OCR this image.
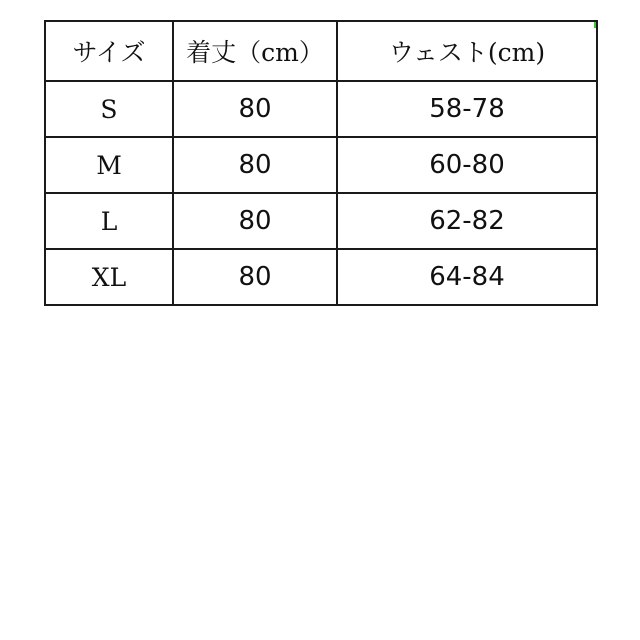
サイズ	着丈（cm）	ウェスト(cm)
S	80	58-78
M	80	60-80
L	80	62-82
XL	80	64-84
